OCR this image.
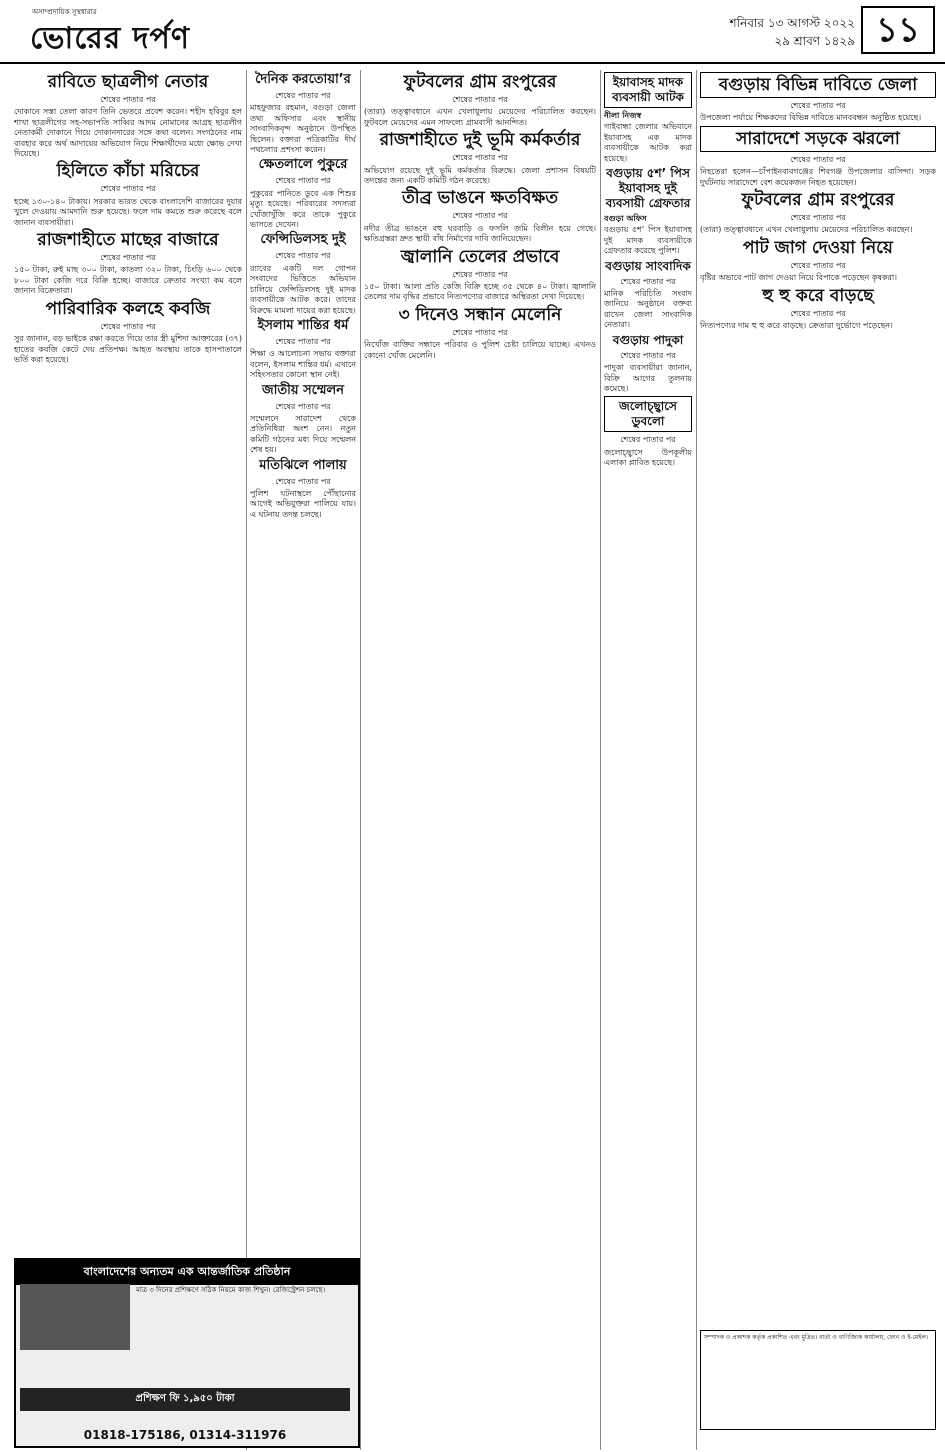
অসাম্প্রদায়িক সুস্থধারার
ভোরের দর্পণ	শনিবার ১৩ আগস্ট ২০২২
২৯ শ্রাবণ ১৪২৯ ১১
রাবিতে ছাত্রলীগ নেতার
শেষের পাতার পর

দোকানে সস্তা তেলা কারণ তিনি ভেতরে প্রবেশ করেন। শহীদ হবিবুর হল শাখা ছাত্রলীগের সহ-সভাপতি সাব্বির আদম নোমানের আগ্রহ ছাত্রলীগ নেতাকর্মী দোকানে গিয়ে দোকানদারের সঙ্গে কথা বলেন। সংগঠনের নাম ব্যবহার করে অর্থ আদায়ের অভিযোগ নিয়ে শিক্ষার্থীদের মধ্যে ক্ষোভ দেখা দিয়েছে।

হিলিতে কাঁচা মরিচের
শেষের পাতার পর

হচ্ছে ১৩০-১৪০ টাকায়। সরকার ভারত থেকে বাংলাদেশি বাজারের দুয়ার খুলে দেওয়ায় আমদানি শুরু হয়েছে। ফলে দাম কমতে শুরু করেছে বলে জানান ব্যবসায়ীরা।

রাজশাহীতে মাছের বাজারে
শেষের পাতার পর

১৫০ টাকা, রুই মাছ ৩০০ টাকা, কাতলা ৩২০ টাকা, চিংড়ি ৬০০ থেকে ৮০০ টাকা কেজি দরে বিক্রি হচ্ছে। বাজারে ক্রেতার সংখ্যা কম বলে জানান বিক্রেতারা।

পারিবারিক কলহে কবজি
শেষের পাতার পর

সুর জানান, বড় ভাইকে রক্ষা করতে গিয়ে তার স্ত্রী মুশিদা আক্তারের (৩৭) হাতের কবজি কেটে দেয় প্রতিপক্ষ। আহত অবস্থায় তাকে হাসপাতালে ভর্তি করা হয়েছে।

দৈনিক করতোয়া’র
শেষের পাতার পর

মাহফুজার রহমান, বগুড়া জেলা তথ্য অফিসার এবং স্থানীয় সাংবাদিকবৃন্দ অনুষ্ঠানে উপস্থিত ছিলেন। বক্তারা পত্রিকাটির দীর্ঘ পথচলার প্রশংসা করেন।

ক্ষেতলালে পুকুরে
শেষের পাতার পর

পুকুরের পানিতে ডুবে এক শিশুর মৃত্যু হয়েছে। পরিবারের সদস্যরা খোঁজাখুঁজি করে তাকে পুকুরে ভাসতে দেখেন।

ফেন্সিডিলসহ দুই
শেষের পাতার পর

র‍্যাবের একটি দল গোপন সংবাদের ভিত্তিতে অভিযান চালিয়ে ফেন্সিডিলসহ দুই মাদক ব্যবসায়ীকে আটক করে। তাদের বিরুদ্ধে মামলা দায়ের করা হয়েছে।

ইসলাম শান্তির ধর্ম
শেষের পাতার পর

শিক্ষা ও আলোচনা সভায় বক্তারা বলেন, ইসলাম শান্তির ধর্ম। এখানে সহিংসতার কোনো স্থান নেই।

জাতীয় সম্মেলন
শেষের পাতার পর

সম্মেলনে সারাদেশ থেকে প্রতিনিধিরা অংশ নেন। নতুন কমিটি গঠনের মধ্য দিয়ে সম্মেলন শেষ হয়।

মতিঝিলে পালায়
শেষের পাতার পর

পুলিশ ঘটনাস্থলে পৌঁছানোর আগেই অভিযুক্তরা পালিয়ে যায়। এ ঘটনায় তদন্ত চলছে।

ফুটবলের গ্রাম রংপুরের
শেষের পাতার পর

(তারা) তত্ত্বাবধানে এখন খেলাধুলায় মেয়েদের পরিচালিত করছেন। ফুটবলে মেয়েদের এমন সাফল্যে গ্রামবাসী আনন্দিত।

রাজশাহীতে দুই ভূমি কর্মকর্তার
শেষের পাতার পর

অভিযোগ রয়েছে দুই ভূমি কর্মকর্তার বিরুদ্ধে। জেলা প্রশাসন বিষয়টি তদন্তের জন্য একটি কমিটি গঠন করেছে।

তীব্র ভাঙনে ক্ষতবিক্ষত
শেষের পাতার পর

নদীর তীব্র ভাঙনে বহু ঘরবাড়ি ও ফসলি জমি বিলীন হয়ে গেছে। ক্ষতিগ্রস্তরা দ্রুত স্থায়ী বাঁধ নির্মাণের দাবি জানিয়েছেন।

জ্বালানি তেলের প্রভাবে
শেষের পাতার পর

১৫০ টাকা। আলা প্রতি কেজি বিক্রি হচ্ছে ৩৫ থেকে ৪০ টাকা। জ্বালানি তেলের দাম বৃদ্ধির প্রভাবে নিত্যপণ্যের বাজারে অস্থিরতা দেখা দিয়েছে।

৩ দিনেও সন্ধান মেলেনি
শেষের পাতার পর

নিখোঁজ ব্যক্তির সন্ধানে পরিবার ও পুলিশ চেষ্টা চালিয়ে যাচ্ছে। এখনও কোনো খোঁজ মেলেনি।

ইয়াবাসহ মাদক ব্যবসায়ী আটক
নীলা নিজস্ব

গাইবান্ধা জেলার অভিযানে ইয়াবাসহ এক মাদক ব্যবসায়ীকে আটক করা হয়েছে।

বগুড়ায় ৫শ’ পিস ইয়াবাসহ দুই ব্যবসায়ী গ্রেফতার
বগুড়া অফিস

বগুড়ায় ৫শ’ পিস ইয়াবাসহ দুই মাদক ব্যবসায়ীকে গ্রেফতার করেছে পুলিশ।

বগুড়ায় সাংবাদিক
শেষের পাতার পর

মানিক পরিচিতি সংবাদ জানিয়ে অনুষ্ঠানে বক্তব্য রাখেন জেলা সাংবাদিক নেতারা।

বগুড়ায় পাদুকা
শেষের পাতার পর

পাদুকা ব্যবসায়ীরা জানান, বিক্রি আগের তুলনায় কমেছে।

জলোচ্ছ্বাসে ডুবলো
শেষের পাতার পর

জলোচ্ছ্বাসে উপকূলীয় এলাকা প্লাবিত হয়েছে।

বগুড়ায় বিভিন্ন দাবিতে জেলা
শেষের পাতার পর

উপজেলা পর্যায়ে শিক্ষকদের বিভিন্ন দাবিতে মানববন্ধন অনুষ্ঠিত হয়েছে।

সারাদেশে সড়কে ঝরলো
শেষের পাতার পর

নিহতেরা হলেন—চাঁপাইনবাবগঞ্জের শিবগঞ্জ উপজেলার বাসিন্দা। সড়ক দুর্ঘটনায় সারাদেশে বেশ কয়েকজন নিহত হয়েছেন।

ফুটবলের গ্রাম রংপুরের
শেষের পাতার পর

(তারা) তত্ত্বাবধানে এখন খেলাধুলায় মেয়েদের পরিচালিত করছেন।

পাট জাগ দেওয়া নিয়ে
শেষের পাতার পর

বৃষ্টির অভাবে পাট জাগ দেওয়া নিয়ে বিপাকে পড়েছেন কৃষকরা।

হু হু করে বাড়ছে
শেষের পাতার পর

নিত্যপণ্যের দাম হু হু করে বাড়ছে। ক্রেতারা দুর্ভোগে পড়েছেন।

বাংলাদেশের অন্যতম এক আন্তর্জাতিক প্রতিষ্ঠান
মাত্র ৩ দিনের প্রশিক্ষণে সঠিক নিয়মে কাজ শিখুন। রেজিস্ট্রেশন চলছে।
প্রশিক্ষণ ফি ১,৯৫০ টাকা
01818-175186, 01314-311976
সম্পাদক ও প্রকাশক কর্তৃক প্রকাশিত এবং মুদ্রিত। বার্তা ও বাণিজ্যিক কার্যালয়, ফোন ও ই-মেইল।
